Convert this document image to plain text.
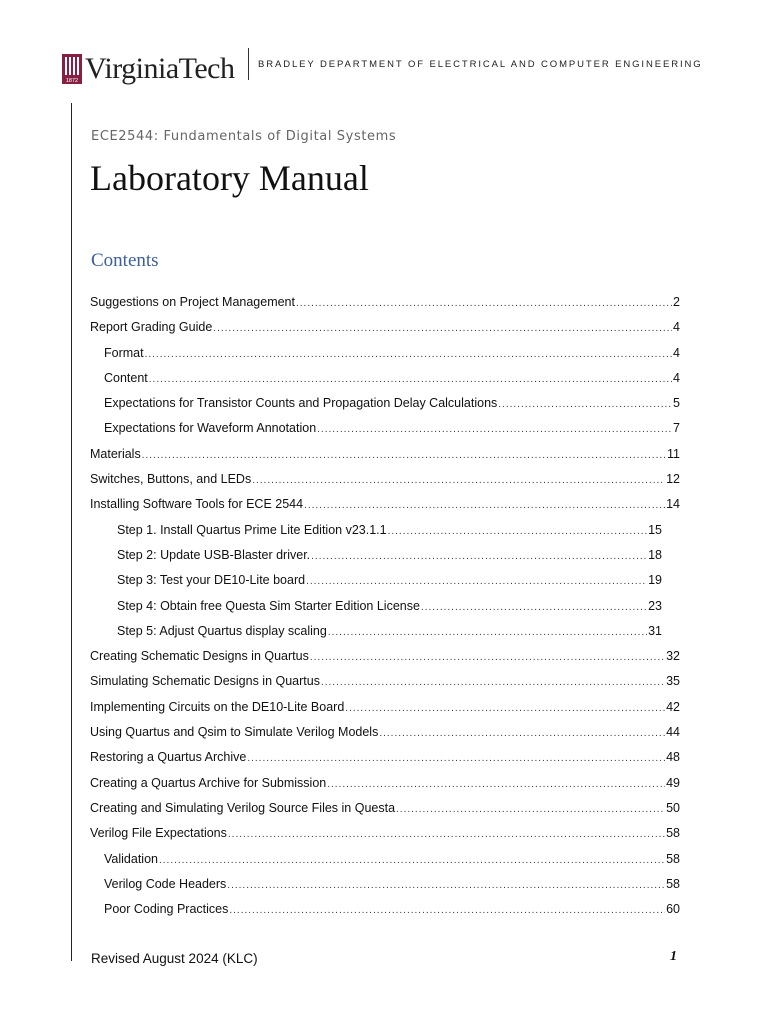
1872 VirginiaTech BRADLEY DEPARTMENT OF ELECTRICAL AND COMPUTER ENGINEERING
ECE2544: Fundamentals of Digital Systems
Laboratory Manual
Contents
Suggestions on Project Management .....	2
Report Grading Guide .....	4
Format .....	4
Content .....	4
Expectations for Transistor Counts and Propagation Delay Calculations .....	5
Expectations for Waveform Annotation .....	7
Materials .....	11
Switches, Buttons, and LEDs .....	12
Installing Software Tools for ECE 2544 .....	14
Step 1. Install Quartus Prime Lite Edition v23.1.1 .....	15
Step 2: Update USB-Blaster driver. .....	18
Step 3: Test your DE10-Lite board .....	19
Step 4: Obtain free Questa Sim Starter Edition License .....	23
Step 5: Adjust Quartus display scaling .....	31
Creating Schematic Designs in Quartus .....	32
Simulating Schematic Designs in Quartus .....	35
Implementing Circuits on the DE10-Lite Board .....	42
Using Quartus and Qsim to Simulate Verilog Models .....	44
Restoring a Quartus Archive .....	48
Creating a Quartus Archive for Submission .....	49
Creating and Simulating Verilog Source Files in Questa .....	50
Verilog File Expectations .....	58
Validation .....	58
Verilog Code Headers .....	58
Poor Coding Practices .....	60
Revised August 2024 (KLC)	1
